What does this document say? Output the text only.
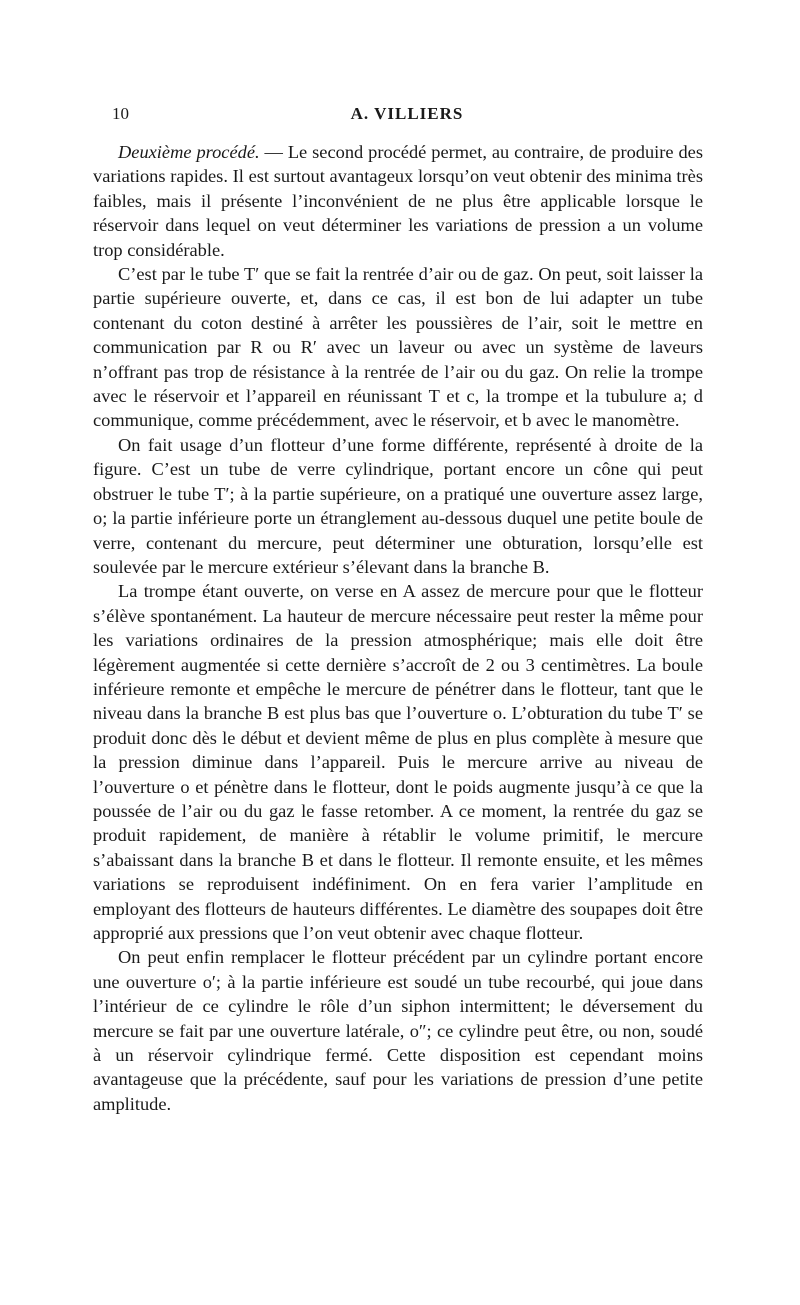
10	A. VILLIERS

Deuxième procédé. — Le second procédé permet, au contraire, de produire des variations rapides. Il est surtout avantageux lorsqu’on veut obtenir des minima très faibles, mais il présente l’inconvénient de ne plus être applicable lorsque le réservoir dans lequel on veut déterminer les variations de pression a un volume trop considérable.

C’est par le tube T′ que se fait la rentrée d’air ou de gaz. On peut, soit laisser la partie supérieure ouverte, et, dans ce cas, il est bon de lui adapter un tube contenant du coton destiné à arrêter les poussières de l’air, soit le mettre en communication par R ou R′ avec un laveur ou avec un système de laveurs n’offrant pas trop de résistance à la rentrée de l’air ou du gaz. On relie la trompe avec le réservoir et l’appareil en réunissant T et c, la trompe et la tubulure a; d communique, comme précédemment, avec le réservoir, et b avec le manomètre.

On fait usage d’un flotteur d’une forme différente, représenté à droite de la figure. C’est un tube de verre cylindrique, portant encore un cône qui peut obstruer le tube T′; à la partie supérieure, on a pratiqué une ouverture assez large, o; la partie inférieure porte un étranglement au-dessous duquel une petite boule de verre, contenant du mercure, peut déterminer une obturation, lorsqu’elle est soulevée par le mercure extérieur s’élevant dans la branche B.

La trompe étant ouverte, on verse en A assez de mercure pour que le flotteur s’élève spontanément. La hauteur de mercure nécessaire peut rester la même pour les variations ordinaires de la pression atmosphérique; mais elle doit être légèrement augmentée si cette dernière s’accroît de 2 ou 3 centimètres. La boule inférieure remonte et empêche le mercure de pénétrer dans le flotteur, tant que le niveau dans la branche B est plus bas que l’ouverture o. L’obturation du tube T′ se produit donc dès le début et devient même de plus en plus complète à mesure que la pression diminue dans l’appareil. Puis le mercure arrive au niveau de l’ouverture o et pénètre dans le flotteur, dont le poids augmente jusqu’à ce que la poussée de l’air ou du gaz le fasse retomber. A ce moment, la rentrée du gaz se produit rapidement, de manière à rétablir le volume primitif, le mercure s’abaissant dans la branche B et dans le flotteur. Il remonte ensuite, et les mêmes variations se reproduisent indéfiniment. On en fera varier l’amplitude en employant des flotteurs de hauteurs différentes. Le diamètre des soupapes doit être approprié aux pressions que l’on veut obtenir avec chaque flotteur.

On peut enfin remplacer le flotteur précédent par un cylindre portant encore une ouverture o′; à la partie inférieure est soudé un tube recourbé, qui joue dans l’intérieur de ce cylindre le rôle d’un siphon intermittent; le déversement du mercure se fait par une ouverture latérale, o″; ce cylindre peut être, ou non, soudé à un réservoir cylindrique fermé. Cette disposition est cependant moins avantageuse que la précédente, sauf pour les variations de pression d’une petite amplitude.
